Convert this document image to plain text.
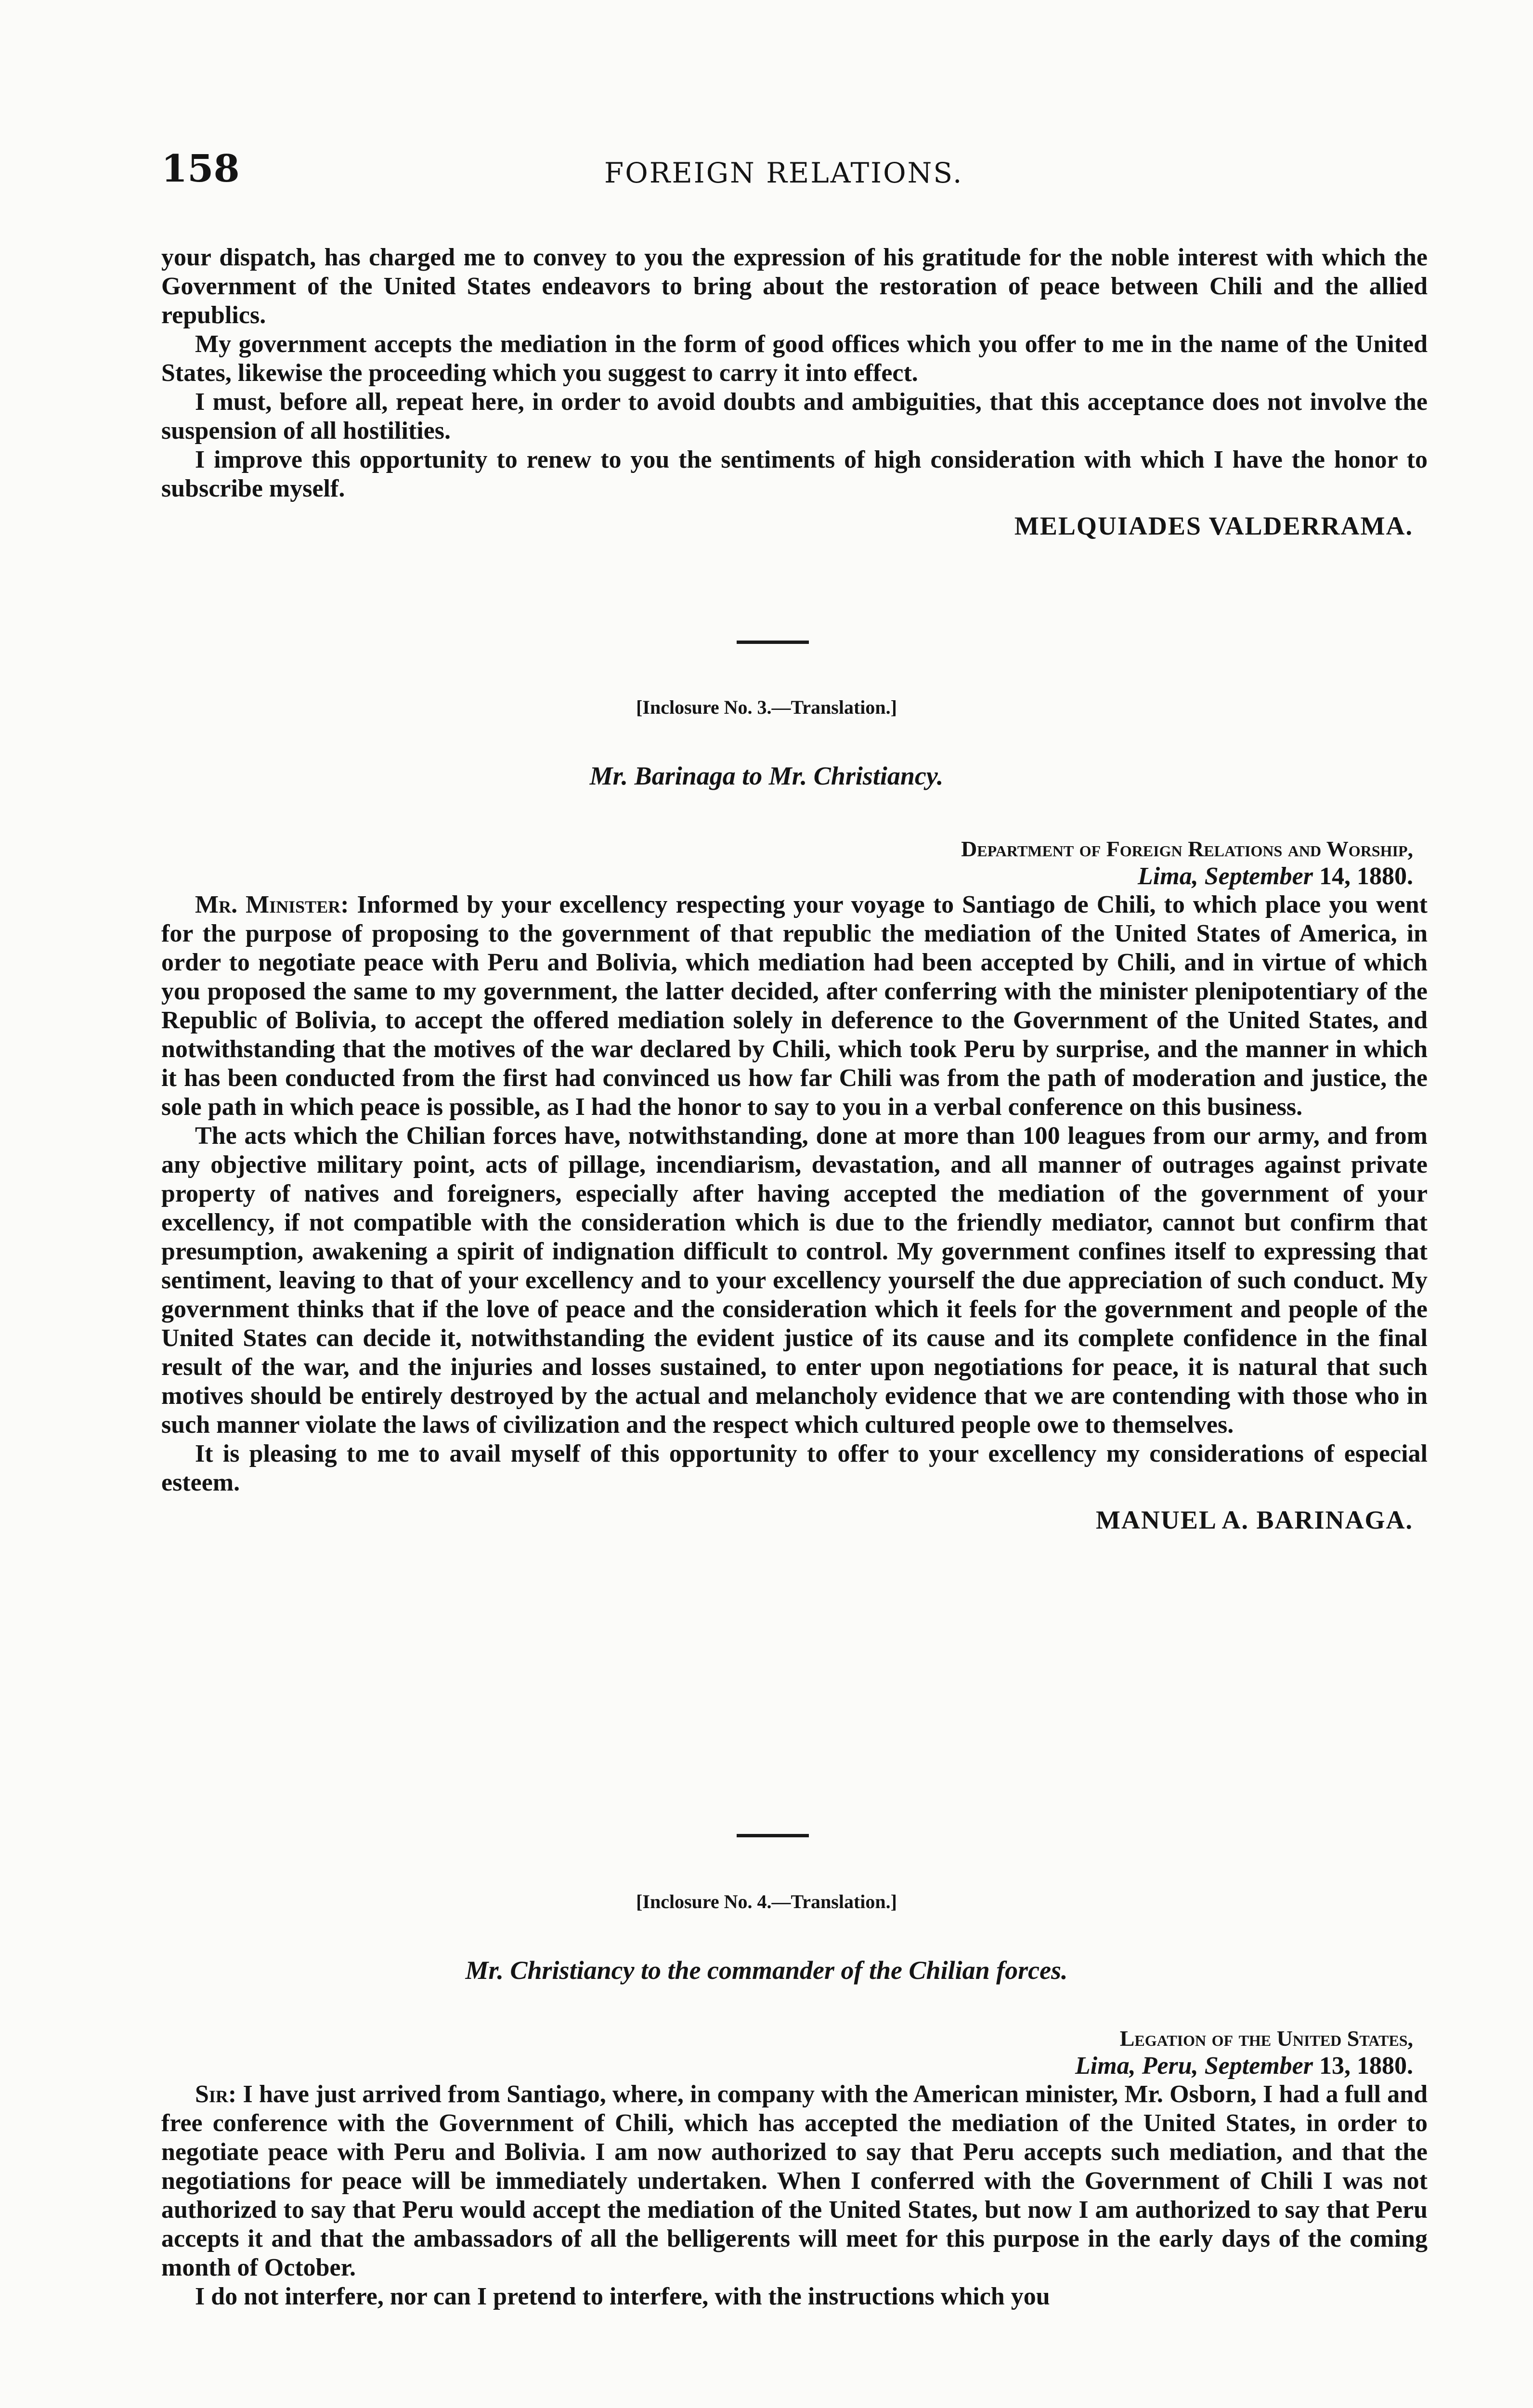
158	FOREIGN RELATIONS.

your dispatch, has charged me to convey to you the expression of his gratitude for the noble interest with which the Government of the United States endeavors to bring about the restoration of peace between Chili and the allied republics.

My government accepts the mediation in the form of good offices which you offer to me in the name of the United States, likewise the proceeding which you suggest to carry it into effect.

I must, before all, repeat here, in order to avoid doubts and ambiguities, that this acceptance does not involve the suspension of all hostilities.

I improve this opportunity to renew to you the sentiments of high consideration with which I have the honor to subscribe myself.

MELQUIADES VALDERRAMA.
[Inclosure No. 3.—Translation.]
Mr. Barinaga to Mr. Christiancy.
Department of Foreign Relations and Worship,
Lima, September 14, 1880.

Mr. Minister: Informed by your excellency respecting your voyage to Santiago de Chili, to which place you went for the purpose of proposing to the government of that republic the mediation of the United States of America, in order to negotiate peace with Peru and Bolivia, which mediation had been accepted by Chili, and in virtue of which you proposed the same to my government, the latter decided, after conferring with the minister plenipotentiary of the Republic of Bolivia, to accept the offered mediation solely in deference to the Government of the United States, and notwithstanding that the motives of the war declared by Chili, which took Peru by surprise, and the manner in which it has been conducted from the first had convinced us how far Chili was from the path of moderation and justice, the sole path in which peace is possible, as I had the honor to say to you in a verbal conference on this business.

The acts which the Chilian forces have, notwithstanding, done at more than 100 leagues from our army, and from any objective military point, acts of pillage, incendiarism, devastation, and all manner of outrages against private property of natives and foreigners, especially after having accepted the mediation of the government of your excellency, if not compatible with the consideration which is due to the friendly mediator, cannot but confirm that presumption, awakening a spirit of indignation difficult to control. My government confines itself to expressing that sentiment, leaving to that of your excellency and to your excellency yourself the due appreciation of such conduct. My government thinks that if the love of peace and the consideration which it feels for the government and people of the United States can decide it, notwithstanding the evident justice of its cause and its complete confidence in the final result of the war, and the injuries and losses sustained, to enter upon negotiations for peace, it is natural that such motives should be entirely destroyed by the actual and melancholy evidence that we are contending with those who in such manner violate the laws of civilization and the respect which cultured people owe to themselves.

It is pleasing to me to avail myself of this opportunity to offer to your excellency my considerations of especial esteem.

MANUEL A. BARINAGA.
[Inclosure No. 4.—Translation.]
Mr. Christiancy to the commander of the Chilian forces.
Legation of the United States,
Lima, Peru, September 13, 1880.

Sir: I have just arrived from Santiago, where, in company with the American minister, Mr. Osborn, I had a full and free conference with the Government of Chili, which has accepted the mediation of the United States, in order to negotiate peace with Peru and Bolivia. I am now authorized to say that Peru accepts such mediation, and that the negotiations for peace will be immediately undertaken. When I conferred with the Government of Chili I was not authorized to say that Peru would accept the mediation of the United States, but now I am authorized to say that Peru accepts it and that the ambassadors of all the belligerents will meet for this purpose in the early days of the coming month of October.

I do not interfere, nor can I pretend to interfere, with the instructions which you
